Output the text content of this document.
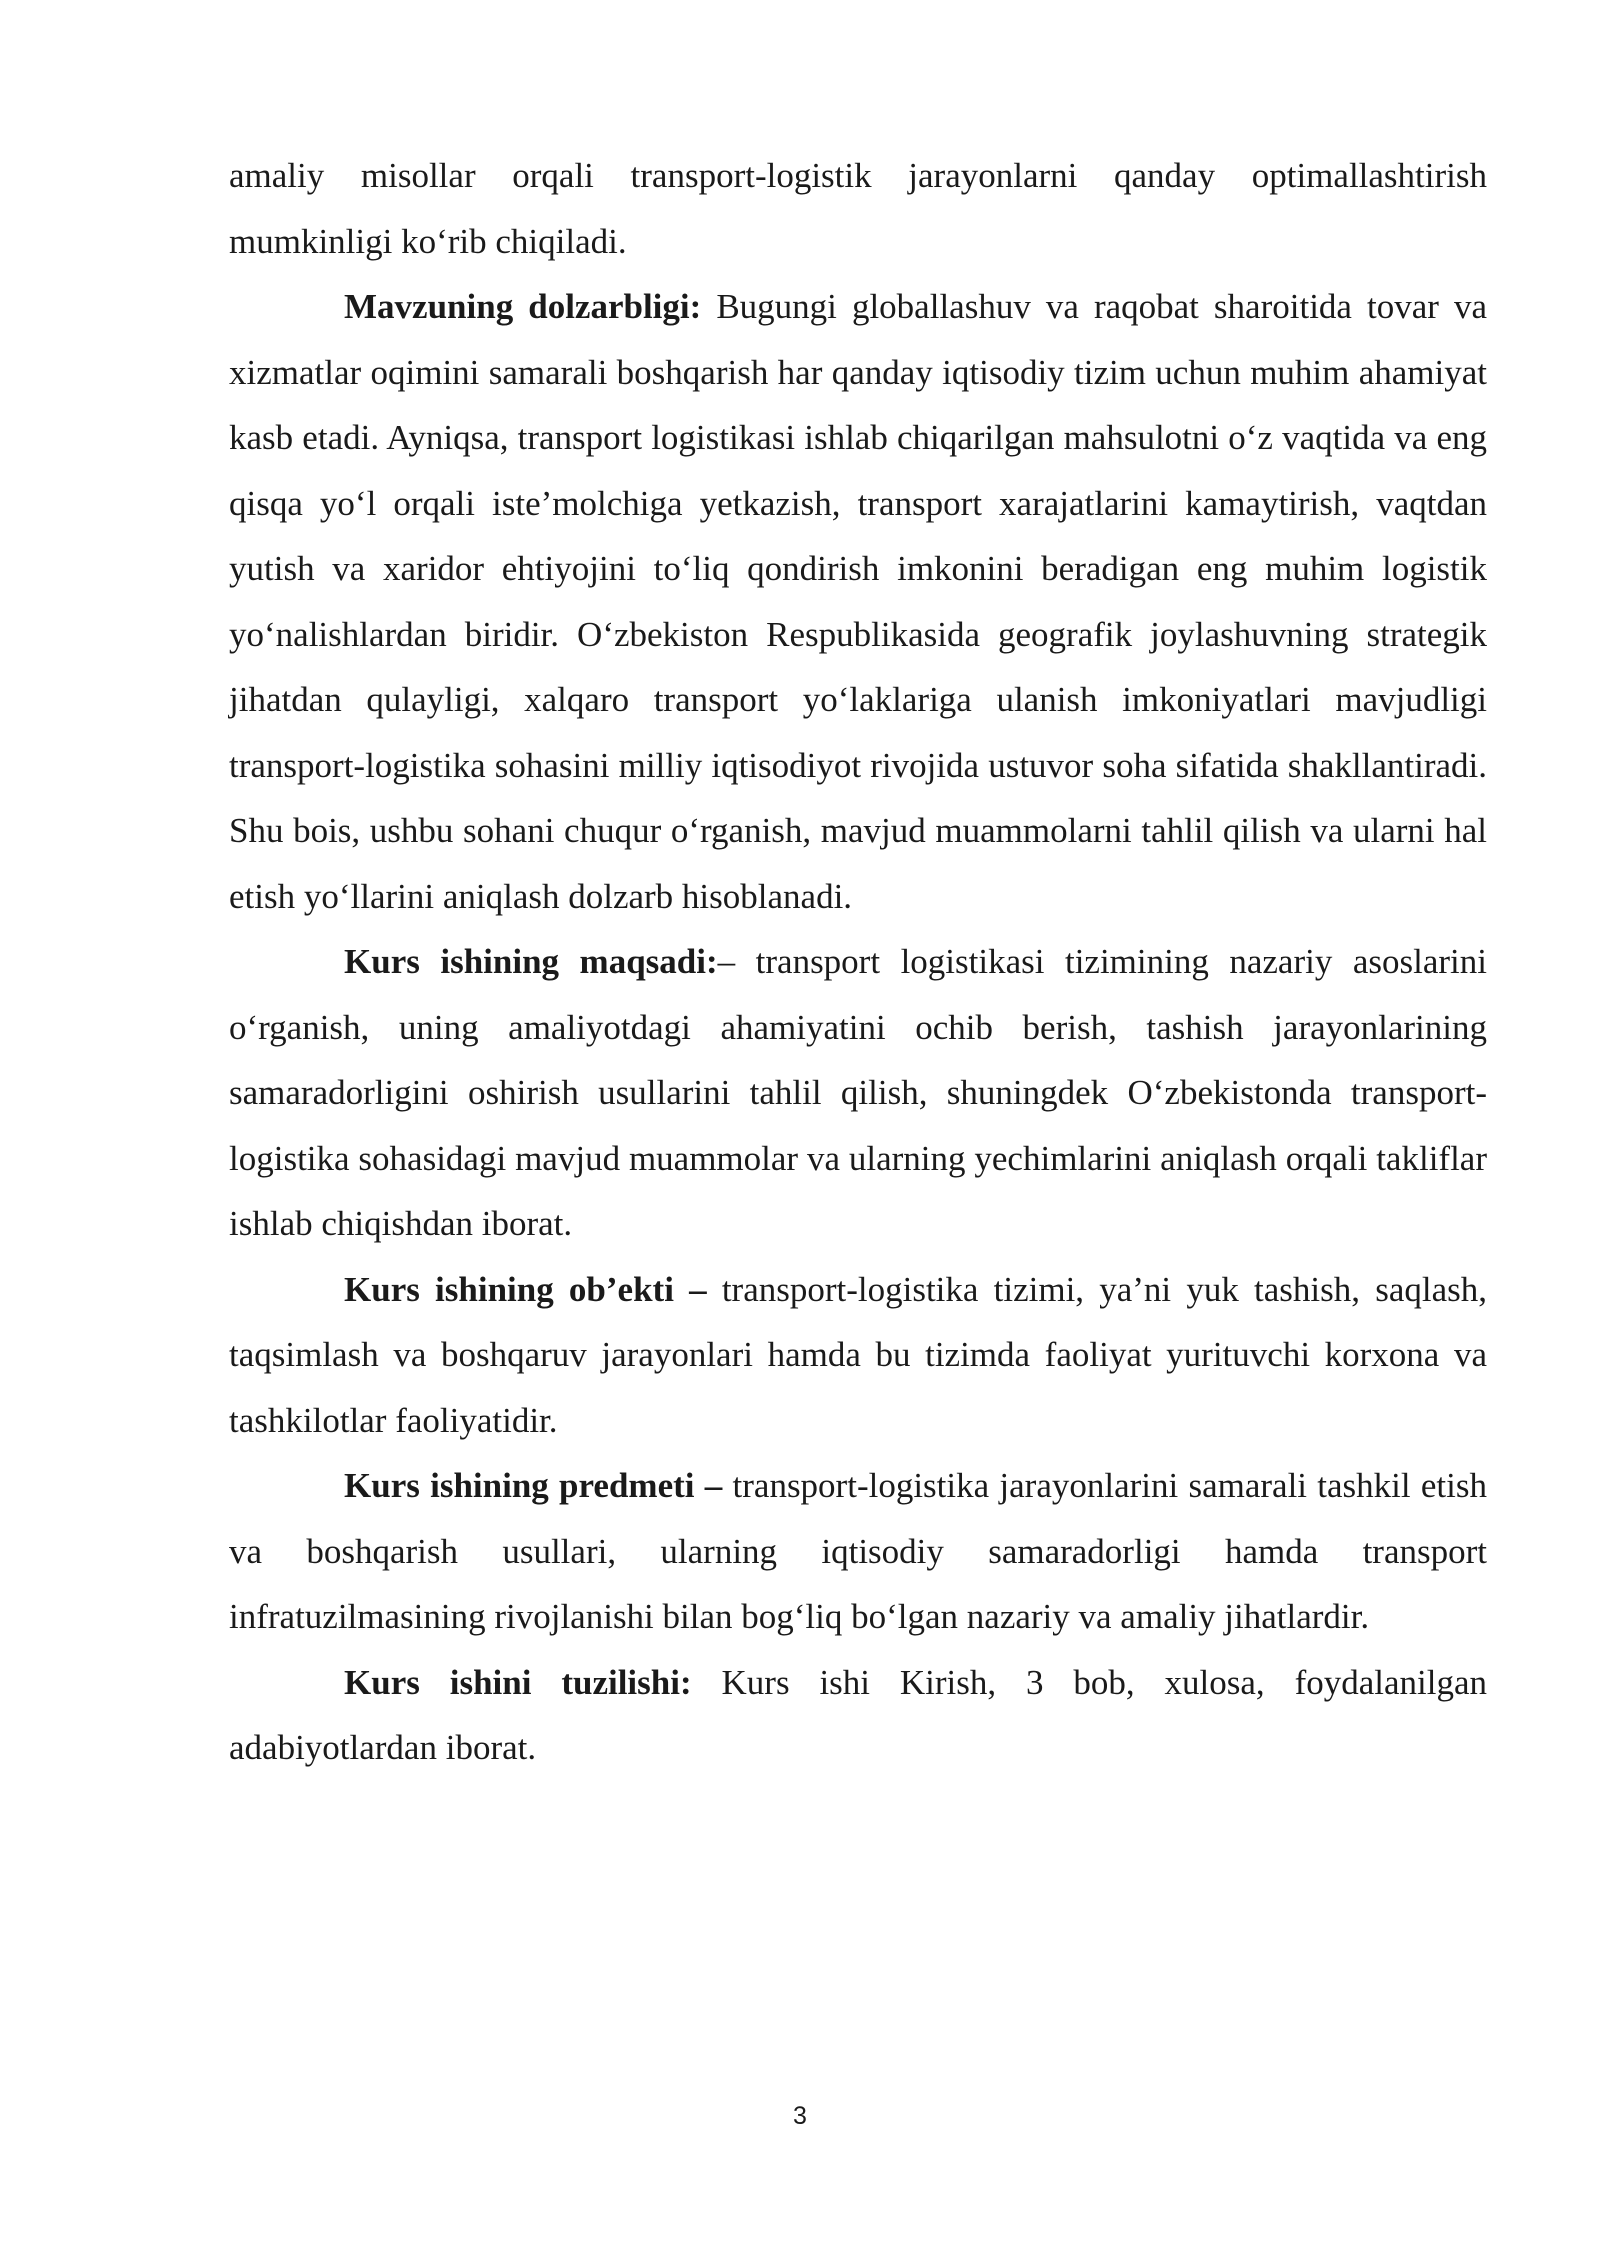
amaliy misollar orqali transport-logistik jarayonlarni qanday optimallashtirish mumkinligi ko‘rib chiqiladi.

Mavzuning dolzarbligi: Bugungi globallashuv va raqobat sharoitida tovar va xizmatlar oqimini samarali boshqarish har qanday iqtisodiy tizim uchun muhim ahamiyat kasb etadi. Ayniqsa, transport logistikasi ishlab chiqarilgan mahsulotni o‘z vaqtida va eng qisqa yo‘l orqali iste’molchiga yetkazish, transport xarajatlarini kamaytirish, vaqtdan yutish va xaridor ehtiyojini to‘liq qondirish imkonini beradigan eng muhim logistik yo‘nalishlardan biridir. O‘zbekiston Respublikasida geografik joylashuvning strategik jihatdan qulayligi, xalqaro transport yo‘laklariga ulanish imkoniyatlari mavjudligi transport-logistika sohasini milliy iqtisodiyot rivojida ustuvor soha sifatida shakllantiradi. Shu bois, ushbu sohani chuqur o‘rganish, mavjud muammolarni tahlil qilish va ularni hal etish yo‘llarini aniqlash dolzarb hisoblanadi.

Kurs ishining maqsadi:– transport logistikasi tizimining nazariy asoslarini o‘rganish, uning amaliyotdagi ahamiyatini ochib berish, tashish jarayonlarining samaradorligini oshirish usullarini tahlil qilish, shuningdek O‘zbekistonda transport-logistika sohasidagi mavjud muammolar va ularning yechimlarini aniqlash orqali takliflar ishlab chiqishdan iborat.

Kurs ishining ob’ekti – transport-logistika tizimi, ya’ni yuk tashish, saqlash, taqsimlash va boshqaruv jarayonlari hamda bu tizimda faoliyat yurituvchi korxona va tashkilotlar faoliyatidir.

Kurs ishining predmeti – transport-logistika jarayonlarini samarali tashkil etish va boshqarish usullari, ularning iqtisodiy samaradorligi hamda transport infratuzilmasining rivojlanishi bilan bog‘liq bo‘lgan nazariy va amaliy jihatlardir.

Kurs ishini tuzilishi: Kurs ishi Kirish, 3 bob, xulosa, foydalanilgan adabiyotlardan iborat.

3
